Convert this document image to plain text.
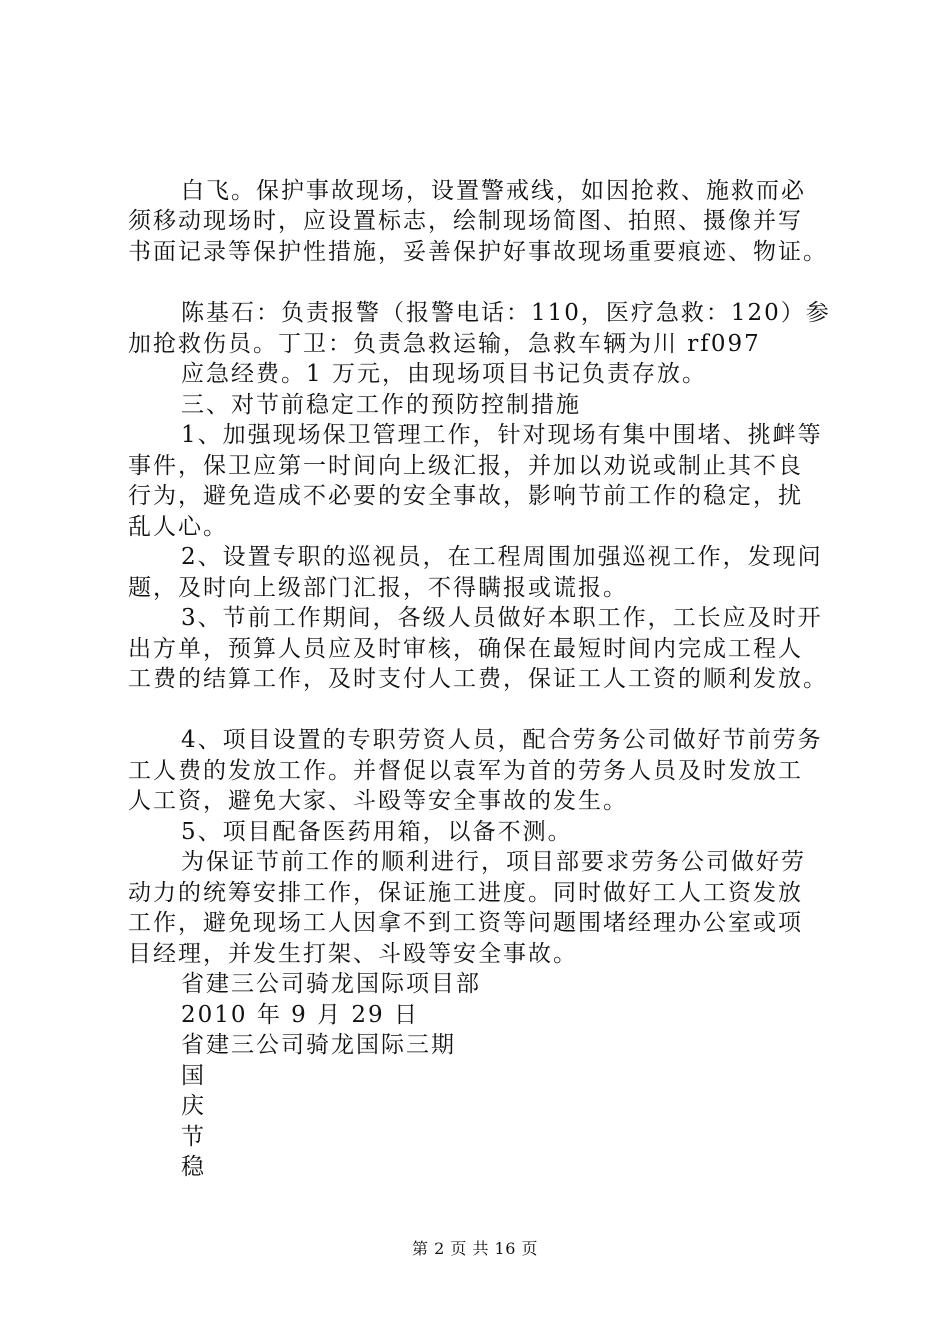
白飞。保护事故现场，设置警戒线，如因抢救、施救而必
须移动现场时，应设置标志，绘制现场简图、拍照、摄像并写
书面记录等保护性措施，妥善保护好事故现场重要痕迹、物证。
陈基石：负责报警（报警电话：110，医疗急救：120）参
加抢救伤员。丁卫：负责急救运输，急救车辆为川 rf097
应急经费。1 万元，由现场项目书记负责存放。
三、对节前稳定工作的预防控制措施
1、加强现场保卫管理工作，针对现场有集中围堵、挑衅等
事件，保卫应第一时间向上级汇报，并加以劝说或制止其不良
行为，避免造成不必要的安全事故，影响节前工作的稳定，扰
乱人心。
2、设置专职的巡视员，在工程周围加强巡视工作，发现问
题，及时向上级部门汇报，不得瞒报或谎报。
3、节前工作期间，各级人员做好本职工作，工长应及时开
出方单，预算人员应及时审核，确保在最短时间内完成工程人
工费的结算工作，及时支付人工费，保证工人工资的顺利发放。
4、项目设置的专职劳资人员，配合劳务公司做好节前劳务
工人费的发放工作。并督促以袁军为首的劳务人员及时发放工
人工资，避免大家、斗殴等安全事故的发生。
5、项目配备医药用箱，以备不测。
为保证节前工作的顺利进行，项目部要求劳务公司做好劳
动力的统筹安排工作，保证施工进度。同时做好工人工资发放
工作，避免现场工人因拿不到工资等问题围堵经理办公室或项
目经理，并发生打架、斗殴等安全事故。
省建三公司骑龙国际项目部
2010 年 9 月 29 日
省建三公司骑龙国际三期
国
庆
节
稳
第 2 页 共 16 页
